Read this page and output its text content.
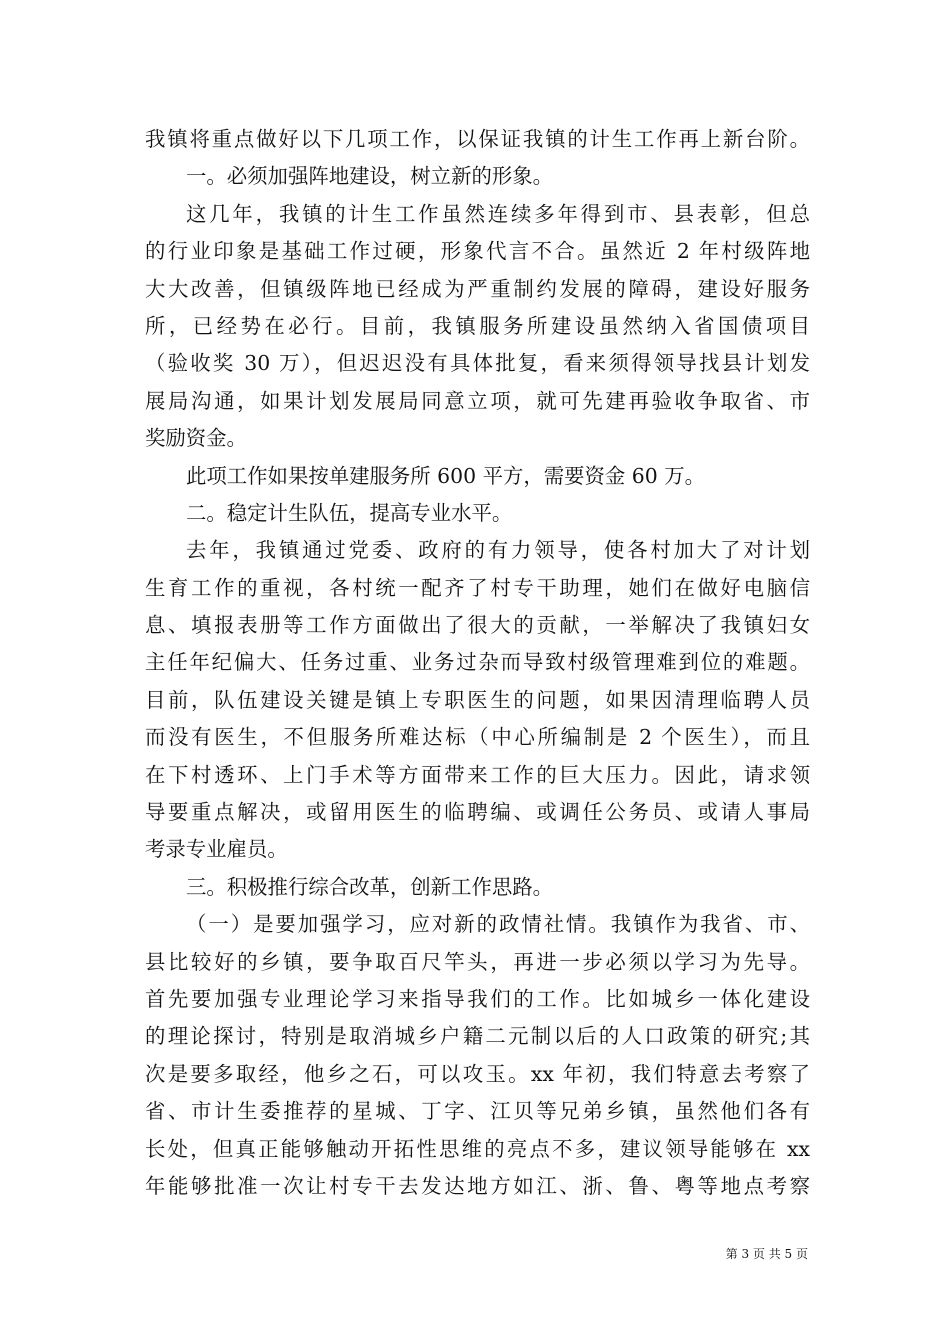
我镇将重点做好以下几项工作，以保证我镇的计生工作再上新台阶。
一。必须加强阵地建设，树立新的形象。
这几年，我镇的计生工作虽然连续多年得到市、县表彰，但总
的行业印象是基础工作过硬，形象代言不合。虽然近 2 年村级阵地
大大改善，但镇级阵地已经成为严重制约发展的障碍，建设好服务
所，已经势在必行。目前，我镇服务所建设虽然纳入省国债项目
（验收奖 30 万），但迟迟没有具体批复，看来须得领导找县计划发
展局沟通，如果计划发展局同意立项，就可先建再验收争取省、市
奖励资金。
此项工作如果按单建服务所 600 平方，需要资金 60 万。
二。稳定计生队伍，提高专业水平。
去年，我镇通过党委、政府的有力领导，使各村加大了对计划
生育工作的重视，各村统一配齐了村专干助理，她们在做好电脑信
息、填报表册等工作方面做出了很大的贡献，一举解决了我镇妇女
主任年纪偏大、任务过重、业务过杂而导致村级管理难到位的难题。
目前，队伍建设关键是镇上专职医生的问题，如果因清理临聘人员
而没有医生，不但服务所难达标（中心所编制是 2 个医生），而且
在下村透环、上门手术等方面带来工作的巨大压力。因此，请求领
导要重点解决，或留用医生的临聘编、或调任公务员、或请人事局
考录专业雇员。
三。积极推行综合改革，创新工作思路。
（一）是要加强学习，应对新的政情社情。我镇作为我省、市、
县比较好的乡镇，要争取百尺竿头，再进一步必须以学习为先导。
首先要加强专业理论学习来指导我们的工作。比如城乡一体化建设
的理论探讨，特别是取消城乡户籍二元制以后的人口政策的研究;其
次是要多取经，他乡之石，可以攻玉。xx 年初，我们特意去考察了
省、市计生委推荐的星城、丁字、江贝等兄弟乡镇，虽然他们各有
长处，但真正能够触动开拓性思维的亮点不多，建议领导能够在 xx
年能够批准一次让村专干去发达地方如江、浙、鲁、粤等地点考察
第 3 页 共 5 页
